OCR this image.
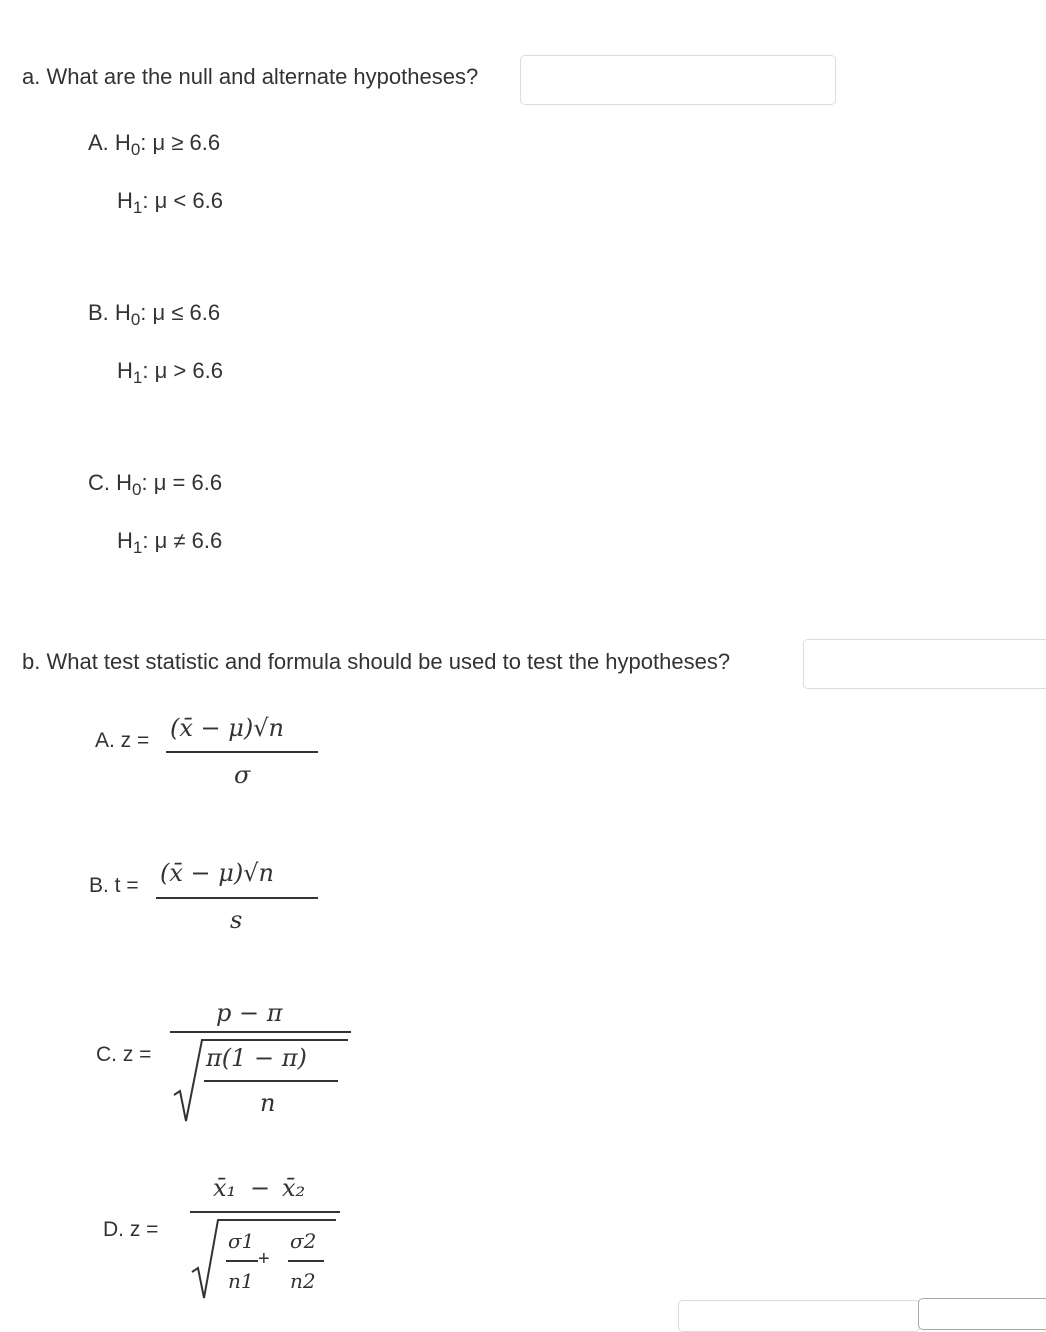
a. What are the null and alternate hypotheses?
A. $H_0$: μ ≥ 6.6
$H_1$: μ < 6.6
B. $H_0$: μ ≤ 6.6
$H_1$: μ > 6.6
C. $H_0$: μ = 6.6
$H_1$: μ ≠ 6.6
b. What test statistic and formula should be used to test the hypotheses?
A. z = (x̄ − μ)√n
σ
B. t = (x̄ − μ)√n
s
C. z =
p − π
π(1 − π)
n
D. z =
x̄₁ − x̄₂
σ1
n1
+
σ2
n2
